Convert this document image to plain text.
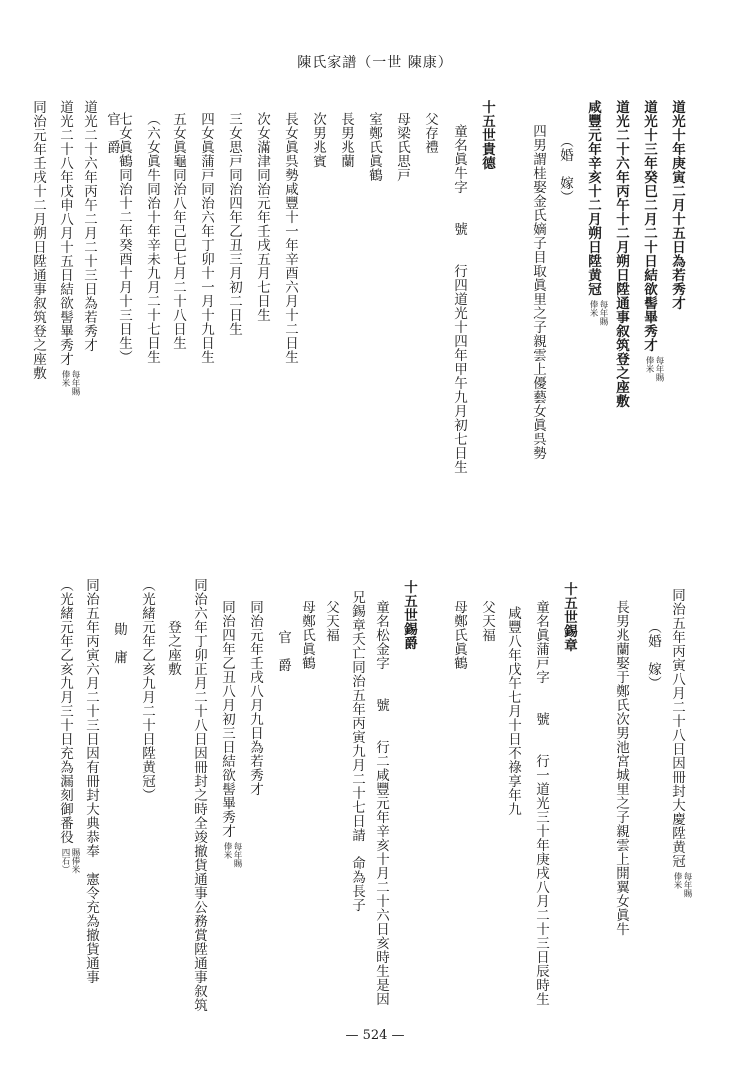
陳氏家譜（一世 陳康）
道光十年庚寅二月十五日為若秀才
道光十三年癸巳二月二十日結欲髻畢秀才每年賜
俸米
道光二十六年丙午十二月朔日陞通事叙筑登之座敷
咸豐元年辛亥十二月朔日陞黄冠每年賜
俸米
（婚　嫁）
四男謂桂娶金氏嫡子目取眞里之子親雲上優藝女眞呉勢
十五世貴德
童名眞牛字　　號　　行四道光十四年甲午九月初七日生
父存禮
母梁氏思戸
室鄭氏眞鶴
長男兆蘭
次男兆賓
長女眞呉勢咸豐十一年辛酉六月十二日生
次女滿津同治元年壬戌五月七日生
三女思戸同治四年乙丑三月初二日生
四女眞蒲戸同治六年丁卯十一月十九日生
五女眞龜同治八年己巳七月二十八日生
（六女眞牛同治十年辛未九月二十七日生
七女眞鶴同治十二年癸酉十月十三日生）
官　爵
道光二十六年丙午二月二十三日為若秀才
道光二十八年戊申八月十五日結欲髻畢秀才每年賜
俸米
同治元年壬戌十二月朔日陞通事叙筑登之座敷
同治五年丙寅八月二十八日因冊封大慶陞黄冠每年賜
俸米
（婚　嫁）
長男兆蘭娶于鄭氏次男池宮城里之子親雲上開翼女眞牛
十五世錫章
童名眞蒲戸字　　號　　行一道光三十年庚戌八月二十三日辰時生
咸豐八年戊午七月十日不祿享年九
父天福
母鄭氏眞鶴
十五世錫爵
童名松金字　　號　　行二咸豐元年辛亥十月二十六日亥時生是因
兄錫章夭亡同治五年丙寅九月二十七日請　命為長子
父天福
母鄭氏眞鶴
官　爵
同治元年壬戌八月九日為若秀才
同治四年乙丑八月初三日結欲髻畢秀才每年賜
俸米
同治六年丁卯正月二十八日因冊封之時全竣撤貨通事公務賞陞通事叙筑
登之座敷
（光緒元年乙亥九月二十日陞黄冠）
勛　庸
同治五年丙寅六月二十三日因有冊封大典恭奉　憲令充為撤貨通事
（光緒元年乙亥九月三十日充為漏刻御番役賜俸米
四石）
— 524 —
